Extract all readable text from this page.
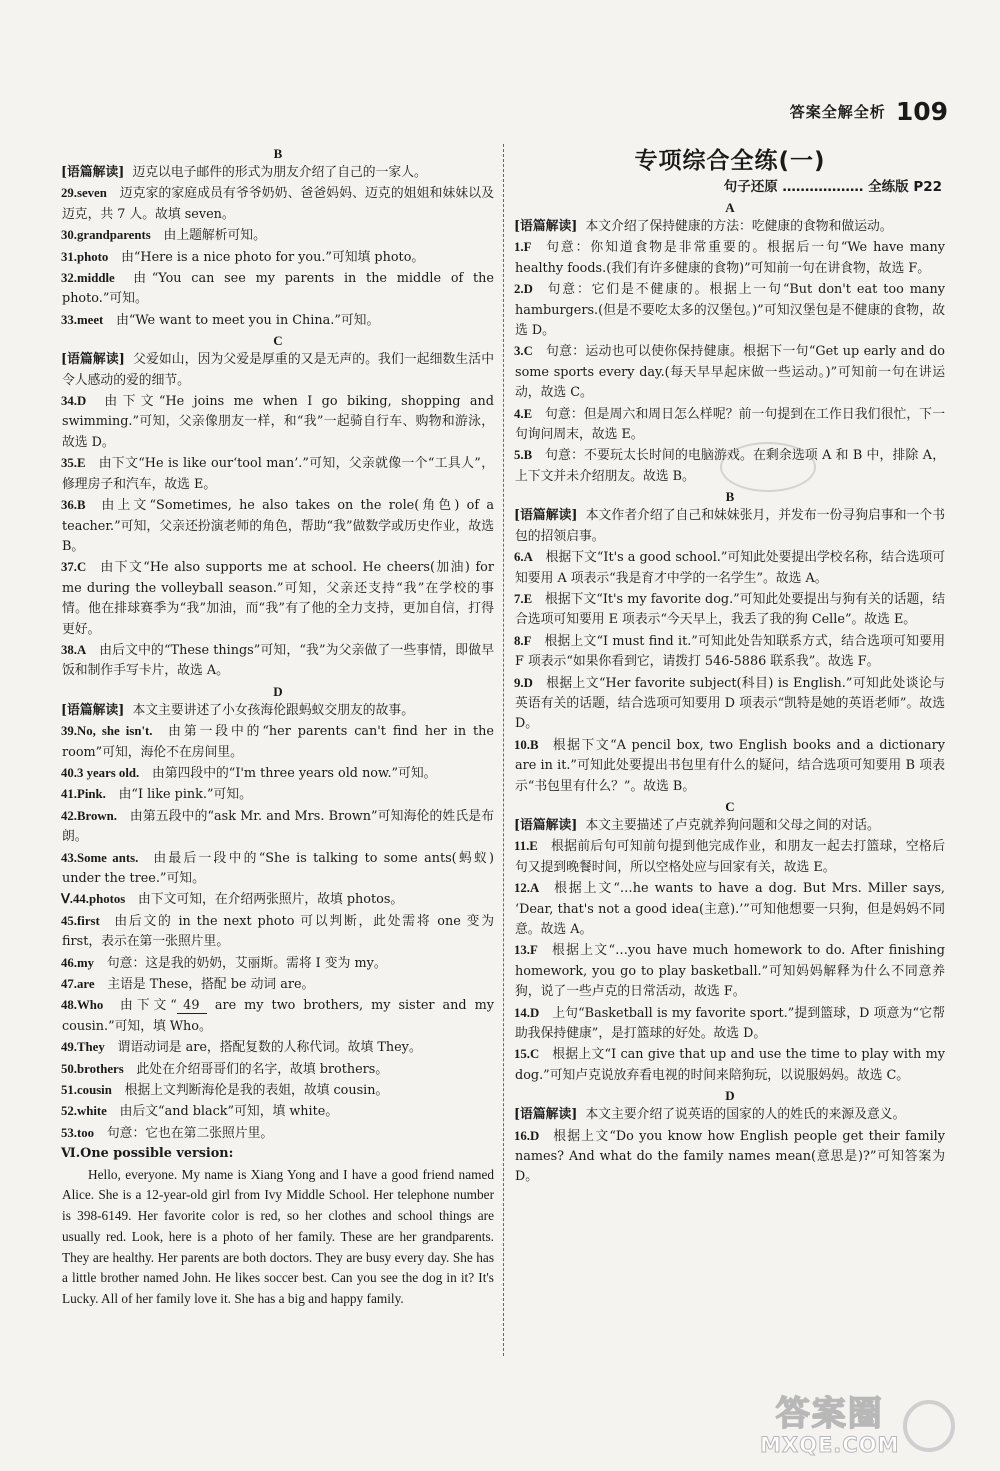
答案全解全析 109
B
[语篇解读] 迈克以电子邮件的形式为朋友介绍了自己的一家人。
29.seven  迈克家的家庭成员有爷爷奶奶、爸爸妈妈、迈克的姐姐和妹妹以及迈克，共 7 人。故填 seven。
30.grandparents  由上题解析可知。
31.photo  由“Here is a nice photo for you.”可知填 photo。
32.middle  由“You can see my parents in the middle of the photo.”可知。
33.meet  由“We want to meet you in China.”可知。
C
[语篇解读] 父爱如山，因为父爱是厚重的又是无声的。我们一起细数生活中令人感动的爱的细节。
34.D  由下文“He joins me when I go biking, shopping and swimming.”可知，父亲像朋友一样，和“我”一起骑自行车、购物和游泳，故选 D。
35.E  由下文“He is like our‘tool man’.”可知，父亲就像一个“工具人”，修理房子和汽车，故选 E。
36.B  由上文“Sometimes, he also takes on the role(角色) of a teacher.”可知，父亲还扮演老师的角色，帮助“我”做数学或历史作业，故选 B。
37.C  由下文“He also supports me at school. He cheers(加油) for me during the volleyball season.”可知，父亲还支持“我”在学校的事情。他在排球赛季为“我”加油，而“我”有了他的全力支持，更加自信，打得更好。
38.A  由后文中的“These things”可知，“我”为父亲做了一些事情，即做早饭和制作手写卡片，故选 A。
D
[语篇解读] 本文主要讲述了小女孩海伦跟蚂蚁交朋友的故事。
39.No, she isn't.  由第一段中的“her parents can't find her in the room”可知，海伦不在房间里。
40.3 years old.  由第四段中的“I'm three years old now.”可知。
41.Pink.  由“I like pink.”可知。
42.Brown.  由第五段中的“ask Mr. and Mrs. Brown”可知海伦的姓氏是布朗。
43.Some ants.  由最后一段中的“She is talking to some ants(蚂蚁) under the tree.”可知。
Ⅴ.44.photos  由下文可知，在介绍两张照片，故填 photos。
45.first  由后文的 in the next photo 可以判断，此处需将 one 变为 first，表示在第一张照片里。
46.my  句意：这是我的奶奶，艾丽斯。需将 I 变为 my。
47.are  主语是 These，搭配 be 动词 are。
48.Who  由下文“ 49 are my two brothers, my sister and my cousin.”可知，填 Who。
49.They  谓语动词是 are，搭配复数的人称代词。故填 They。
50.brothers  此处在介绍哥哥们的名字，故填 brothers。
51.cousin  根据上文判断海伦是我的表姐，故填 cousin。
52.white  由后文“and black”可知，填 white。
53.too  句意：它也在第二张照片里。
Ⅵ.One possible version:
Hello, everyone. My name is Xiang Yong and I have a good friend named Alice. She is a 12-year-old girl from Ivy Middle School. Her telephone number is 398-6149. Her favorite color is red, so her clothes and school things are usually red. Look, here is a photo of her family. These are her grandparents. They are healthy. Her parents are both doctors. They are busy every day. She has a little brother named John. He likes soccer best. Can you see the dog in it? It's Lucky. All of her family love it. She has a big and happy family.
专项综合全练(一)
句子还原 ……………… 全练版 P22
A
[语篇解读] 本文介绍了保持健康的方法：吃健康的食物和做运动。
1.F  句意：你知道食物是非常重要的。根据后一句“We have many healthy foods.(我们有许多健康的食物)”可知前一句在讲食物，故选 F。
2.D  句意：它们是不健康的。根据上一句“But don't eat too many hamburgers.(但是不要吃太多的汉堡包。)”可知汉堡包是不健康的食物，故选 D。
3.C  句意：运动也可以使你保持健康。根据下一句“Get up early and do some sports every day.(每天早早起床做一些运动。)”可知前一句在讲运动，故选 C。
4.E  句意：但是周六和周日怎么样呢？前一句提到在工作日我们很忙，下一句询问周末，故选 E。
5.B  句意：不要玩太长时间的电脑游戏。在剩余选项 A 和 B 中，排除 A，上下文并未介绍朋友。故选 B。
B
[语篇解读] 本文作者介绍了自己和妹妹张月，并发布一份寻狗启事和一个书包的招领启事。
6.A  根据下文“It's a good school.”可知此处要提出学校名称，结合选项可知要用 A 项表示“我是育才中学的一名学生”。故选 A。
7.E  根据下文“It's my favorite dog.”可知此处要提出与狗有关的话题，结合选项可知要用 E 项表示“今天早上，我丢了我的狗 Celle”。故选 E。
8.F  根据上文“I must find it.”可知此处告知联系方式，结合选项可知要用 F 项表示“如果你看到它，请拨打 546-5886 联系我”。故选 F。
9.D  根据上文“Her favorite subject(科目) is English.”可知此处谈论与英语有关的话题，结合选项可知要用 D 项表示“凯特是她的英语老师”。故选 D。
10.B  根据下文“A pencil box, two English books and a dictionary are in it.”可知此处要提出书包里有什么的疑问，结合选项可知要用 B 项表示“书包里有什么？”。故选 B。
C
[语篇解读] 本文主要描述了卢克就养狗问题和父母之间的对话。
11.E  根据前后句可知前句提到他完成作业，和朋友一起去打篮球，空格后句又提到晚餐时间，所以空格处应与回家有关，故选 E。
12.A  根据上文“…he wants to have a dog. But Mrs. Miller says, ‘Dear, that's not a good idea(主意).’”可知他想要一只狗，但是妈妈不同意。故选 A。
13.F  根据上文“…you have much homework to do. After finishing homework, you go to play basketball.”可知妈妈解释为什么不同意养狗，说了一些卢克的日常活动，故选 F。
14.D  上句“Basketball is my favorite sport.”提到篮球，D 项意为“它帮助我保持健康”，是打篮球的好处。故选 D。
15.C  根据上文“I can give that up and use the time to play with my dog.”可知卢克说放弃看电视的时间来陪狗玩，以说服妈妈。故选 C。
D
[语篇解读] 本文主要介绍了说英语的国家的人的姓氏的来源及意义。
16.D  根据上文“Do you know how English people get their family names? And what do the family names mean(意思是)?”可知答案为 D。
答案圈
MXQE.COM
